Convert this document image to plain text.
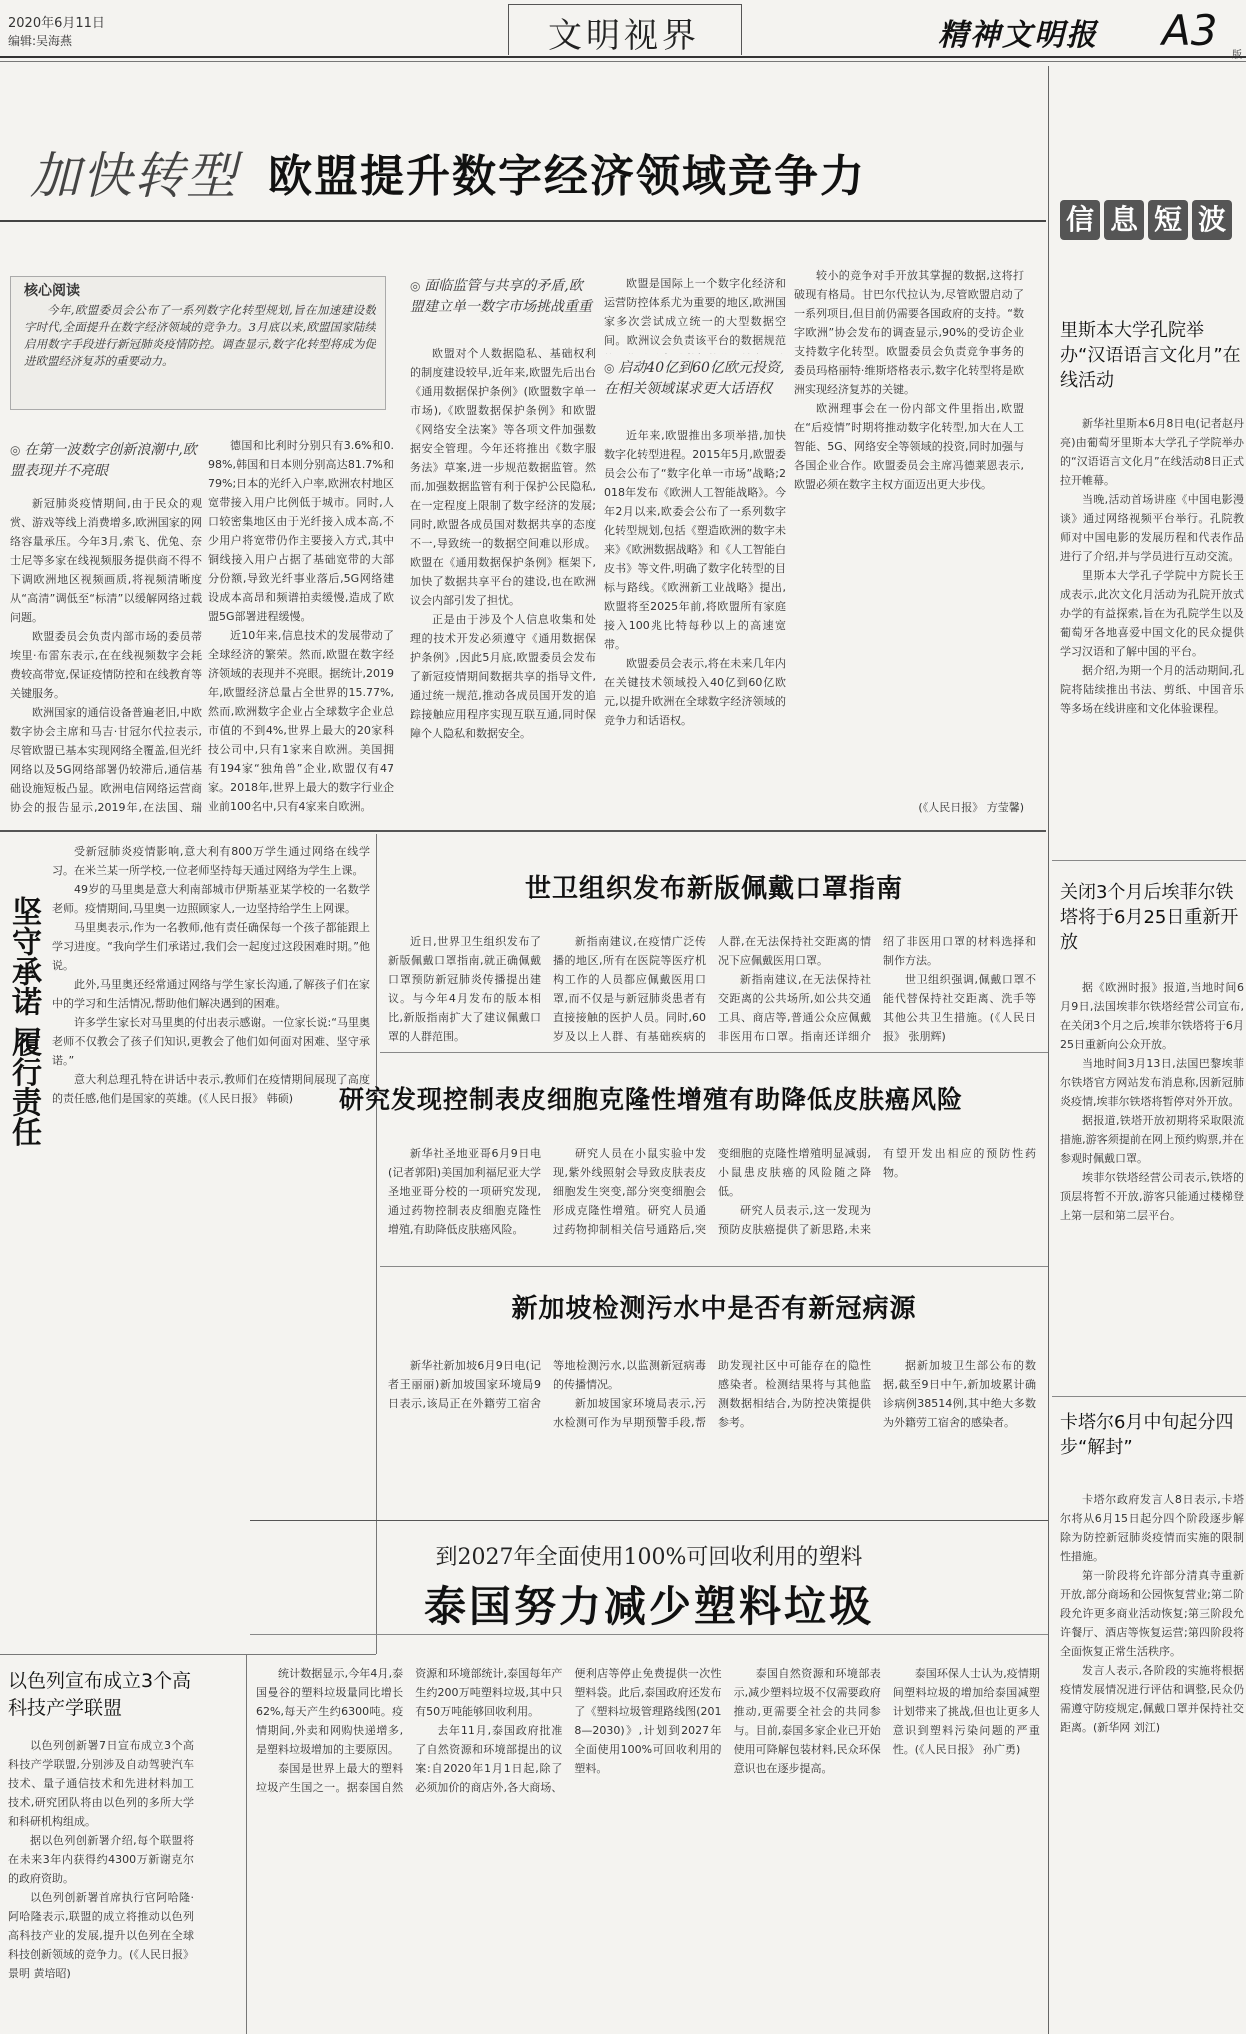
2020年6月11日
编辑:吴海燕	文明视界	精神文明报 A3
加快转型 欧盟提升数字经济领域竞争力
核心阅读
今年,欧盟委员会公布了一系列数字化转型规划,旨在加速建设数字时代,全面提升在数字经济领域的竞争力。3月底以来,欧盟国家陆续启用数字手段进行新冠肺炎疫情防控。调查显示,数字化转型将成为促进欧盟经济复苏的重要动力。
◎ 在第一波数字创新浪潮中,欧盟表现并不亮眼

新冠肺炎疫情期间,由于民众的观赏、游戏等线上消费增多,欧洲国家的网络容量承压。今年3月,索飞、优兔、奈士尼等多家在线视频服务提供商不得不下调欧洲地区视频画质,将视频清晰度从“高清”调低至“标清”以缓解网络过载问题。

欧盟委员会负责内部市场的委员蒂埃里·布雷东表示,在在线视频数字会耗费较高带宽,保证疫情防控和在线教育等关键服务。

欧洲国家的通信设备普遍老旧,中欧数字协会主席和马吉·甘冠尔代拉表示,尽管欧盟已基本实现网络全覆盖,但光纤网络以及5G网络部署仍较滞后,通信基础设施短板凸显。欧洲电信网络运营商协会的报告显示,2019年,在法国、瑞

德国和比利时分别只有3.6%和0.98%,韩国和日本则分别高达81.7%和79%;日本的光纤入户率,欧洲农村地区宽带接入用户比例低于城市。同时,人口较密集地区由于光纤接入成本高,不少用户将宽带仍作主要接入方式,其中铜线接入用户占据了基础宽带的大部分份额,导致光纤事业落后,5G网络建设成本高昂和频谱拍卖缓慢,造成了欧盟5G部署进程缓慢。

近10年来,信息技术的发展带动了全球经济的繁荣。然而,欧盟在数字经济领域的表现并不亮眼。据统计,2019年,欧盟经济总量占全世界的15.77%,然而,欧洲数字企业占全球数字企业总市值的不到4%,世界上最大的20家科技公司中,只有1家来自欧洲。美国拥有194家“独角兽”企业,欧盟仅有47家。2018年,世界上最大的数字行业企业前100名中,只有4家来自欧洲。

◎ 面临监管与共享的矛盾,欧盟建立单一数字市场挑战重重

欧盟对个人数据隐私、基础权利的制度建设较早,近年来,欧盟先后出台《通用数据保护条例》(欧盟数字单一市场),《欧盟数据保护条例》和欧盟《网络安全法案》等各项文件加强数据安全管理。今年还将推出《数字服务法》草案,进一步规范数据监管。然而,加强数据监管有利于保护公民隐私,在一定程度上限制了数字经济的发展;同时,欧盟各成员国对数据共享的态度不一,导致统一的数据空间难以形成。欧盟在《通用数据保护条例》框架下,加快了数据共享平台的建设,也在欧洲议会内部引发了担忧。

正是由于涉及个人信息收集和处理的技术开发必须遵守《通用数据保护条例》,因此5月底,欧盟委员会发布了新冠疫情期间数据共享的指导文件,通过统一规范,推动各成员国开发的追踪接触应用程序实现互联互通,同时保障个人隐私和数据安全。

欧盟是国际上一个数字化经济和运营防控体系尤为重要的地区,欧洲国家多次尝试成立统一的大型数据空间。欧洲议会负责该平台的数据规范
◎ 启动40亿到60亿欧元投资,在相关领域谋求更大话语权

近年来,欧盟推出多项举措,加快数字化转型进程。2015年5月,欧盟委员会公布了“数字化单一市场”战略;2018年发布《欧洲人工智能战略》。今年2月以来,欧委会公布了一系列数字化转型规划,包括《塑造欧洲的数字未来》《欧洲数据战略》和《人工智能白皮书》等文件,明确了数字化转型的目标与路线。《欧洲新工业战略》提出,欧盟将至2025年前,将欧盟所有家庭接入100兆比特每秒以上的高速宽带。

欧盟委员会表示,将在未来几年内在关键技术领域投入40亿到60亿欧元,以提升欧洲在全球数字经济领域的竞争力和话语权。

较小的竞争对手开放其掌握的数据,这将打破现有格局。甘巴尔代拉认为,尽管欧盟启动了一系列项目,但目前仍需要各国政府的支持。“数字欧洲”协会发布的调查显示,90%的受访企业支持数字化转型。欧盟委员会负责竞争事务的委员玛格丽特·维斯塔格表示,数字化转型将是欧洲实现经济复苏的关键。

欧洲理事会在一份内部文件里指出,欧盟在“后疫情”时期将推动数字化转型,加大在人工智能、5G、网络安全等领域的投资,同时加强与各国企业合作。欧盟委员会主席冯德莱恩表示,欧盟必须在数字主权方面迈出更大步伐。

(《人民日报》 方莹馨)
信 息 短 波
里斯本大学孔院举办“汉语语言文化月”在线活动

新华社里斯本6月8日电(记者赵丹亮)由葡萄牙里斯本大学孔子学院举办的“汉语语言文化月”在线活动8日正式拉开帷幕。

当晚,活动首场讲座《中国电影漫谈》通过网络视频平台举行。孔院教师对中国电影的发展历程和代表作品进行了介绍,并与学员进行互动交流。

里斯本大学孔子学院中方院长王成表示,此次文化月活动为孔院开放式办学的有益探索,旨在为孔院学生以及葡萄牙各地喜爱中国文化的民众提供学习汉语和了解中国的平台。

据介绍,为期一个月的活动期间,孔院将陆续推出书法、剪纸、中国音乐等多场在线讲座和文化体验课程。

关闭3个月后埃菲尔铁塔将于6月25日重新开放

据《欧洲时报》报道,当地时间6月9日,法国埃菲尔铁塔经营公司宣布,在关闭3个月之后,埃菲尔铁塔将于6月25日重新向公众开放。

当地时间3月13日,法国巴黎埃菲尔铁塔官方网站发布消息称,因新冠肺炎疫情,埃菲尔铁塔将暂停对外开放。

据报道,铁塔开放初期将采取限流措施,游客须提前在网上预约购票,并在参观时佩戴口罩。

埃菲尔铁塔经营公司表示,铁塔的顶层将暂不开放,游客只能通过楼梯登上第一层和第二层平台。

卡塔尔6月中旬起分四步“解封”

卡塔尔政府发言人8日表示,卡塔尔将从6月15日起分四个阶段逐步解除为防控新冠肺炎疫情而实施的限制性措施。

第一阶段将允许部分清真寺重新开放,部分商场和公园恢复营业;第二阶段允许更多商业活动恢复;第三阶段允许餐厅、酒店等恢复运营;第四阶段将全面恢复正常生活秩序。

发言人表示,各阶段的实施将根据疫情发展情况进行评估和调整,民众仍需遵守防疫规定,佩戴口罩并保持社交距离。(新华网 刘江)

坚守承诺 履行责任

受新冠肺炎疫情影响,意大利有800万学生通过网络在线学习。在米兰某一所学校,一位老师坚持每天通过网络为学生上课。

49岁的马里奥是意大利南部城市伊斯基亚某学校的一名数学老师。疫情期间,马里奥一边照顾家人,一边坚持给学生上网课。

马里奥表示,作为一名教师,他有责任确保每一个孩子都能跟上学习进度。“我向学生们承诺过,我们会一起度过这段困难时期。”他说。

此外,马里奥还经常通过网络与学生家长沟通,了解孩子们在家中的学习和生活情况,帮助他们解决遇到的困难。

许多学生家长对马里奥的付出表示感谢。一位家长说:“马里奥老师不仅教会了孩子们知识,更教会了他们如何面对困难、坚守承诺。”

意大利总理孔特在讲话中表示,教师们在疫情期间展现了高度的责任感,他们是国家的英雄。(《人民日报》 韩硕)

以色列宣布成立3个高科技产学联盟

以色列创新署7日宣布成立3个高科技产学联盟,分别涉及自动驾驶汽车技术、量子通信技术和先进材料加工技术,研究团队将由以色列的多所大学和科研机构组成。

据以色列创新署介绍,每个联盟将在未来3年内获得约4300万新谢克尔的政府资助。

以色列创新署首席执行官阿哈隆·阿哈隆表示,联盟的成立将推动以色列高科技产业的发展,提升以色列在全球科技创新领域的竞争力。(《人民日报》 景明 黄培昭)

世卫组织发布新版佩戴口罩指南

近日,世界卫生组织发布了新版佩戴口罩指南,就正确佩戴口罩预防新冠肺炎传播提出建议。与今年4月发布的版本相比,新版指南扩大了建议佩戴口罩的人群范围。

新指南建议,在疫情广泛传播的地区,所有在医院等医疗机构工作的人员都应佩戴医用口罩,而不仅是与新冠肺炎患者有直接接触的医护人员。同时,60岁及以上人群、有基础疾病的人群,在无法保持社交距离的情况下应佩戴医用口罩。

新指南建议,在无法保持社交距离的公共场所,如公共交通工具、商店等,普通公众应佩戴非医用布口罩。指南还详细介绍了非医用口罩的材料选择和制作方法。

世卫组织强调,佩戴口罩不能代替保持社交距离、洗手等其他公共卫生措施。(《人民日报》 张朋辉)

研究发现控制表皮细胞克隆性增殖有助降低皮肤癌风险

新华社圣地亚哥6月9日电(记者郭阳)美国加利福尼亚大学圣地亚哥分校的一项研究发现,通过药物控制表皮细胞克隆性增殖,有助降低皮肤癌风险。

研究人员在小鼠实验中发现,紫外线照射会导致皮肤表皮细胞发生突变,部分突变细胞会形成克隆性增殖。研究人员通过药物抑制相关信号通路后,突变细胞的克隆性增殖明显减弱,小鼠患皮肤癌的风险随之降低。

研究人员表示,这一发现为预防皮肤癌提供了新思路,未来有望开发出相应的预防性药物。

新加坡检测污水中是否有新冠病源

新华社新加坡6月9日电(记者王丽丽)新加坡国家环境局9日表示,该局正在外籍劳工宿舍等地检测污水,以监测新冠病毒的传播情况。

新加坡国家环境局表示,污水检测可作为早期预警手段,帮助发现社区中可能存在的隐性感染者。检测结果将与其他监测数据相结合,为防控决策提供参考。

据新加坡卫生部公布的数据,截至9日中午,新加坡累计确诊病例38514例,其中绝大多数为外籍劳工宿舍的感染者。

到2027年全面使用100%可回收利用的塑料
泰国努力减少塑料垃圾

统计数据显示,今年4月,泰国曼谷的塑料垃圾量同比增长62%,每天产生约6300吨。疫情期间,外卖和网购快递增多,是塑料垃圾增加的主要原因。

泰国是世界上最大的塑料垃圾产生国之一。据泰国自然资源和环境部统计,泰国每年产生约200万吨塑料垃圾,其中只有50万吨能够回收利用。

去年11月,泰国政府批准了自然资源和环境部提出的议案:自2020年1月1日起,除了必须加价的商店外,各大商场、便利店等停止免费提供一次性塑料袋。此后,泰国政府还发布了《塑料垃圾管理路线图(2018—2030)》,计划到2027年全面使用100%可回收利用的塑料。

泰国自然资源和环境部表示,减少塑料垃圾不仅需要政府推动,更需要全社会的共同参与。目前,泰国多家企业已开始使用可降解包装材料,民众环保意识也在逐步提高。

泰国环保人士认为,疫情期间塑料垃圾的增加给泰国减塑计划带来了挑战,但也让更多人意识到塑料污染问题的严重性。(《人民日报》 孙广勇)
